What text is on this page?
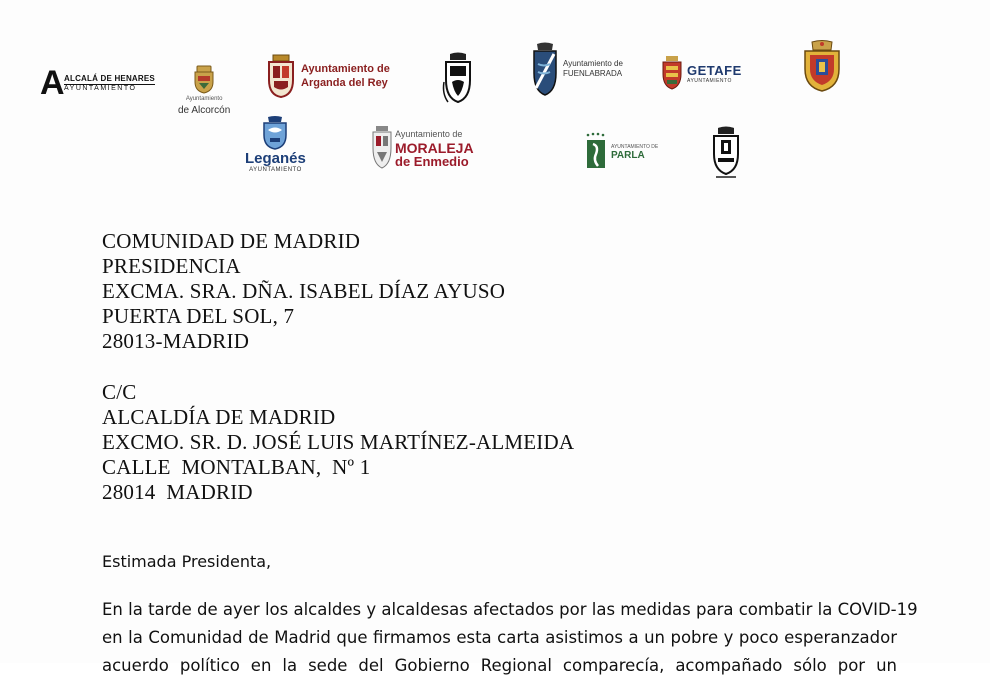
A ALCALÁ DE HENARES
AYUNTAMIENTO
Ayuntamiento
de Alcorcón
Ayuntamiento de
Arganda del Rey
Ayuntamiento de
FUENLABRADA	GETAFE
AYUNTAMIENTO
Leganés
AYUNTAMIENTO
Ayuntamiento de
MORALEJA
de Enmedio
AYUNTAMIENTO DE
PARLA
COMUNIDAD DE MADRID
PRESIDENCIA
EXCMA. SRA. DÑA. ISABEL DÍAZ AYUSO
PUERTA DEL SOL, 7
28013-MADRID
C/C
ALCALDÍA DE MADRID
EXCMO. SR. D. JOSÉ LUIS MARTÍNEZ-ALMEIDA
CALLE  MONTALBAN,  Nº 1
28014  MADRID
Estimada Presidenta,
En la tarde de ayer los alcaldes y alcaldesas afectados por las medidas para combatir la COVID-19
en la Comunidad de Madrid que firmamos esta carta asistimos a un pobre y poco esperanzador
acuerdo político en la sede del Gobierno Regional comparecía, acompañado sólo por un
